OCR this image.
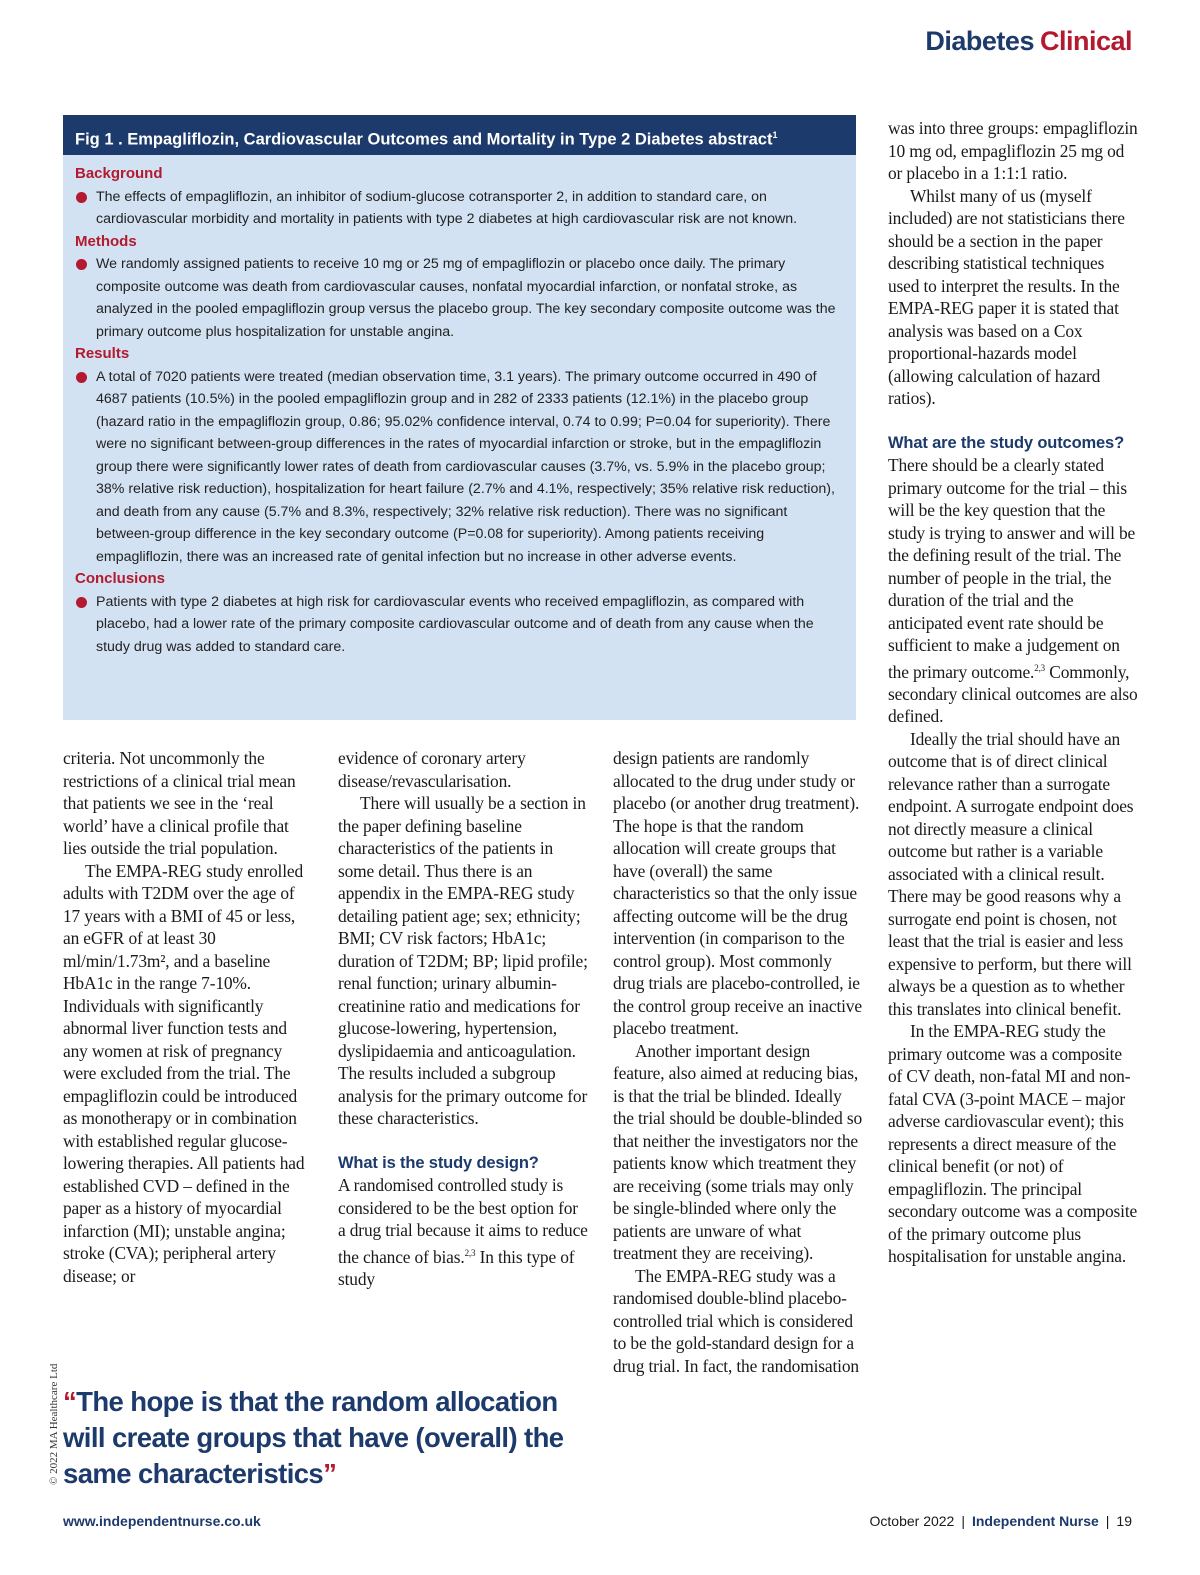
Diabetes Clinical
Fig 1 . Empagliflozin, Cardiovascular Outcomes and Mortality in Type 2 Diabetes abstract$^1$
Background
The effects of empagliflozin, an inhibitor of sodium-glucose cotransporter 2, in addition to standard care, on cardiovascular morbidity and mortality in patients with type 2 diabetes at high cardiovascular risk are not known.
Methods
We randomly assigned patients to receive 10 mg or 25 mg of empagliflozin or placebo once daily. The primary composite outcome was death from cardiovascular causes, nonfatal myocardial infarction, or nonfatal stroke, as analyzed in the pooled empagliflozin group versus the placebo group. The key secondary composite outcome was the primary outcome plus hospitalization for unstable angina.
Results
A total of 7020 patients were treated (median observation time, 3.1 years). The primary outcome occurred in 490 of 4687 patients (10.5%) in the pooled empagliflozin group and in 282 of 2333 patients (12.1%) in the placebo group (hazard ratio in the empagliflozin group, 0.86; 95.02% confidence interval, 0.74 to 0.99; P=0.04 for superiority). There were no significant between-group differences in the rates of myocardial infarction or stroke, but in the empagliflozin group there were significantly lower rates of death from cardiovascular causes (3.7%, vs. 5.9% in the placebo group; 38% relative risk reduction), hospitalization for heart failure (2.7% and 4.1%, respectively; 35% relative risk reduction), and death from any cause (5.7% and 8.3%, respectively; 32% relative risk reduction). There was no significant between-group difference in the key secondary outcome (P=0.08 for superiority). Among patients receiving empagliflozin, there was an increased rate of genital infection but no increase in other adverse events.
Conclusions
Patients with type 2 diabetes at high risk for cardiovascular events who received empagliflozin, as compared with placebo, had a lower rate of the primary composite cardiovascular outcome and of death from any cause when the study drug was added to standard care.

criteria. Not uncommonly the restrictions of a clinical trial mean that patients we see in the ‘real world’ have a clinical profile that lies outside the trial population.

The EMPA-REG study enrolled adults with T2DM over the age of 17 years with a BMI of 45 or less, an eGFR of at least 30 ml/min/1.73m², and a baseline HbA1c in the range 7-10%. Individuals with significantly abnormal liver function tests and any women at risk of pregnancy were excluded from the trial. The empagliflozin could be introduced as monotherapy or in combination with established regular glucose-lowering therapies. All patients had established CVD – defined in the paper as a history of myocardial infarction (MI); unstable angina; stroke (CVA); peripheral artery disease; or

evidence of coronary artery disease/revascularisation.

There will usually be a section in the paper defining baseline characteristics of the patients in some detail. Thus there is an appendix in the EMPA-REG study detailing patient age; sex; ethnicity; BMI; CV risk factors; HbA1c; duration of T2DM; BP; lipid profile; renal function; urinary albumin-creatinine ratio and medications for glucose-lowering, hypertension, dyslipidaemia and anticoagulation. The results included a subgroup analysis for the primary outcome for these characteristics.

What is the study design?

A randomised controlled study is considered to be the best option for a drug trial because it aims to reduce the chance of bias.$^{2,3}$ In this type of study

design patients are randomly allocated to the drug under study or placebo (or another drug treatment). The hope is that the random allocation will create groups that have (overall) the same characteristics so that the only issue affecting outcome will be the drug intervention (in comparison to the control group). Most commonly drug trials are placebo-controlled, ie the control group receive an inactive placebo treatment.

Another important design feature, also aimed at reducing bias, is that the trial be blinded. Ideally the trial should be double-blinded so that neither the investigators nor the patients know which treatment they are receiving (some trials may only be single-blinded where only the patients are unware of what treatment they are receiving).

The EMPA-REG study was a randomised double-blind placebo-controlled trial which is considered to be the gold-standard design for a drug trial. In fact, the randomisation

was into three groups: empagliflozin 10 mg od, empagliflozin 25 mg od or placebo in a 1:1:1 ratio.

Whilst many of us (myself included) are not statisticians there should be a section in the paper describing statistical techniques used to interpret the results. In the EMPA-REG paper it is stated that analysis was based on a Cox proportional-hazards model (allowing calculation of hazard ratios).

What are the study outcomes?

There should be a clearly stated primary outcome for the trial – this will be the key question that the study is trying to answer and will be the defining result of the trial. The number of people in the trial, the duration of the trial and the anticipated event rate should be sufficient to make a judgement on the primary outcome.$^{2,3}$ Commonly, secondary clinical outcomes are also defined.

Ideally the trial should have an outcome that is of direct clinical relevance rather than a surrogate endpoint. A surrogate endpoint does not directly measure a clinical outcome but rather is a variable associated with a clinical result. There may be good reasons why a surrogate end point is chosen, not least that the trial is easier and less expensive to perform, but there will always be a question as to whether this translates into clinical benefit.

In the EMPA-REG study the primary outcome was a composite of CV death, non-fatal MI and non-fatal CVA (3-point MACE – major adverse cardiovascular event); this represents a direct measure of the clinical benefit (or not) of empagliflozin. The principal secondary outcome was a composite of the primary outcome plus hospitalisation for unstable angina.

“The hope is that the random allocation will create groups that have (overall) the same characteristics”
© 2022 MA Healthcare Ltd
www.independentnurse.co.uk	October 2022 | Independent Nurse | 19
